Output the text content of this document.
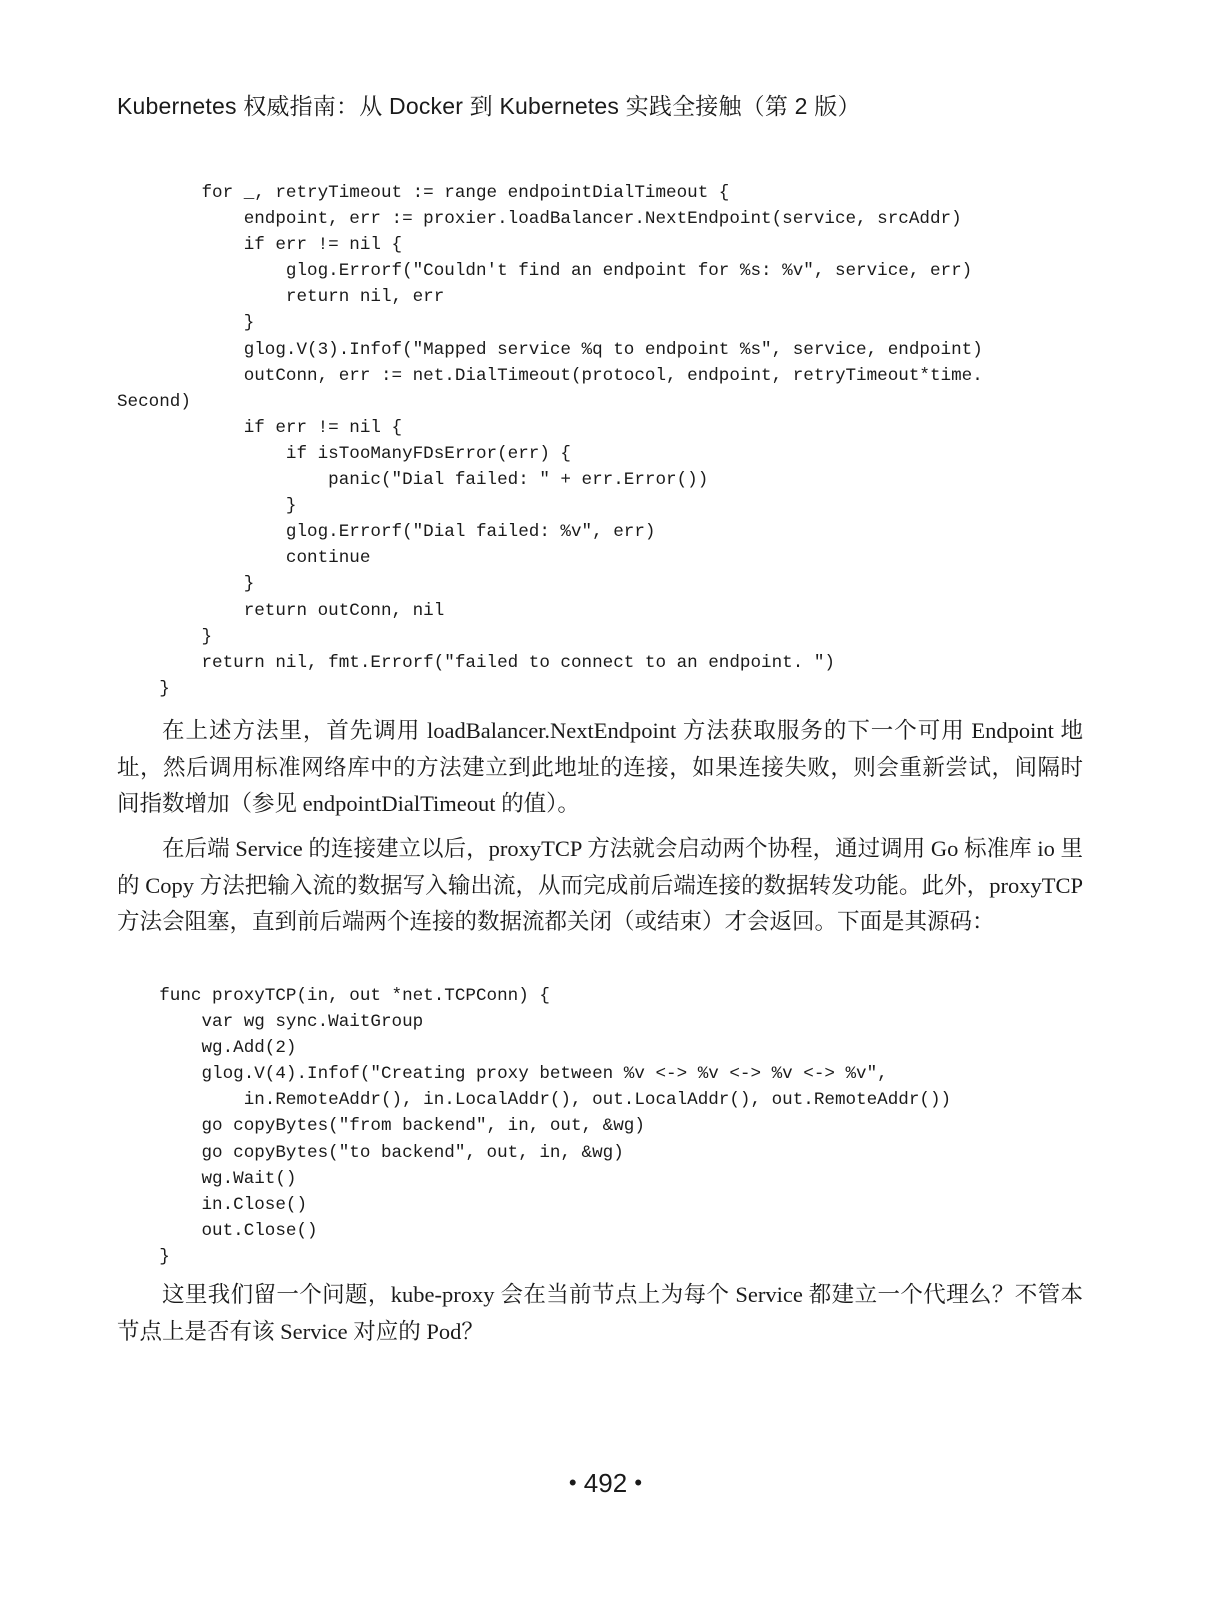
Kubernetes 权威指南：从 Docker 到 Kubernetes 实践全接触（第 2 版）
for _, retryTimeout := range endpointDialTimeout {
endpoint, err := proxier.loadBalancer.NextEndpoint(service, srcAddr)
if err != nil {
glog.Errorf("Couldn't find an endpoint for %s: %v", service, err)
return nil, err
}
glog.V(3).Infof("Mapped service %q to endpoint %s", service, endpoint)
outConn, err := net.DialTimeout(protocol, endpoint, retryTimeout*time.
Second)
if err != nil {
if isTooManyFDsError(err) {
panic("Dial failed: " + err.Error())
}
glog.Errorf("Dial failed: %v", err)
continue
}
return outConn, nil
}
return nil, fmt.Errorf("failed to connect to an endpoint. ")
}

在上述方法里，首先调用 loadBalancer.NextEndpoint 方法获取服务的下一个可用 Endpoint 地址，然后调用标准网络库中的方法建立到此地址的连接，如果连接失败，则会重新尝试，间隔时间指数增加（参见 endpointDialTimeout 的值）。

在后端 Service 的连接建立以后，proxyTCP 方法就会启动两个协程，通过调用 Go 标准库 io 里的 Copy 方法把输入流的数据写入输出流，从而完成前后端连接的数据转发功能。此外，proxyTCP 方法会阻塞，直到前后端两个连接的数据流都关闭（或结束）才会返回。下面是其源码：

func proxyTCP(in, out *net.TCPConn) {
var wg sync.WaitGroup
wg.Add(2)
glog.V(4).Infof("Creating proxy between %v <-> %v <-> %v <-> %v",
in.RemoteAddr(), in.LocalAddr(), out.LocalAddr(), out.RemoteAddr())
go copyBytes("from backend", in, out, &wg)
go copyBytes("to backend", out, in, &wg)
wg.Wait()
in.Close()
out.Close()
}

这里我们留一个问题，kube-proxy 会在当前节点上为每个 Service 都建立一个代理么？不管本节点上是否有该 Service 对应的 Pod？

• 492 •
